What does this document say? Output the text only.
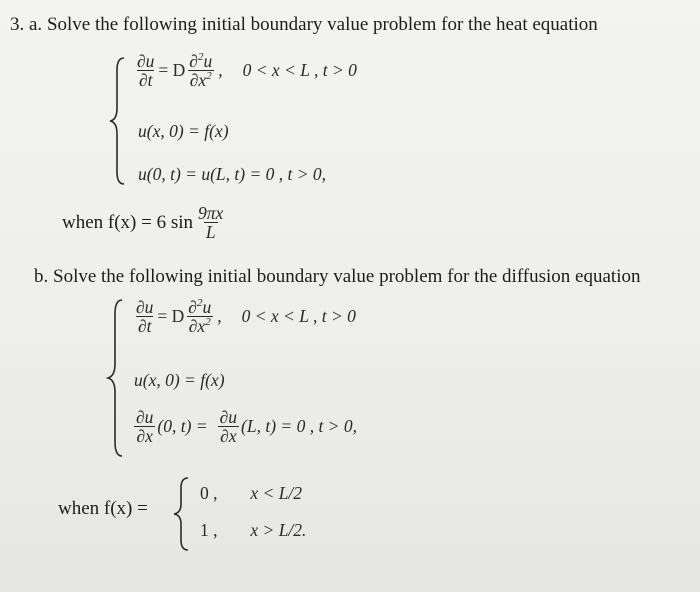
3. a. Solve the following initial boundary value problem for the heat equation
$\frac{\partial u}{\partial t} = D \frac{\partial^2u}{\partial x^2}$ , 0 < x < L , t > 0
u(x, 0) = f(x)
u(0, t) = u(L, t) = 0 , t > 0,
when f(x) = 6 $\sin \frac{9\pi x}{L}$
b. Solve the following initial boundary value problem for the diffusion equation
$\frac{\partial u}{\partial t} = D \frac{\partial^2u}{\partial x^2}$ , 0 < x < L , t > 0
u(x, 0) = f(x)
$\frac{\partial u}{\partial x} (0$, $t) = \frac{\partial u}{\partial x} (L$, t) = 0 , t > 0,
when f(x) =
0 , x < L/2
1 , x > L/2.
